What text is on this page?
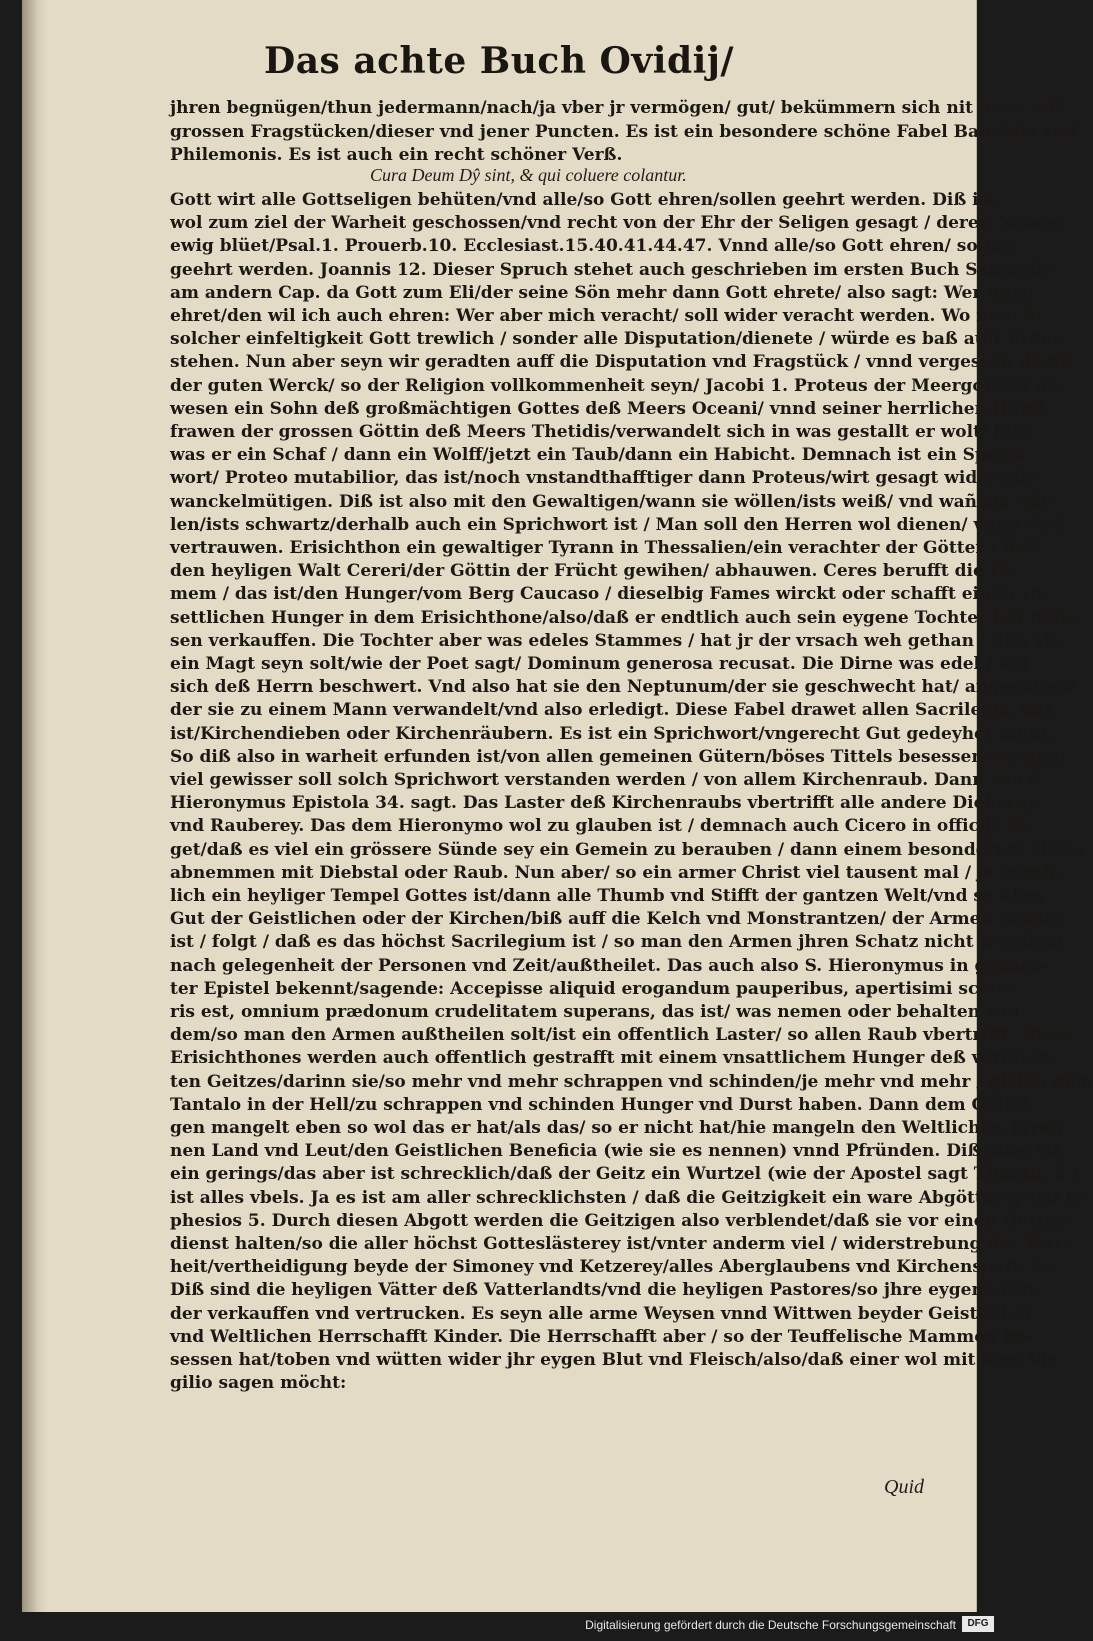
Das achte Buch Ovidij/
jhren begnügen/thun jedermann/nach/ja vber jr vermögen/ gut/ bekümmern sich nit hoch mit
grossen Fragstücken/dieser vnd jener Puncten. Es ist ein besondere schöne Fabel Baucidis vnd
Philemonis. Es ist auch ein recht schöner Verß.
Cura Deum Dŷ sint, & qui coluere colantur.
Gott wirt alle Gottseligen behüten/vnd alle/so Gott ehren/sollen geehrt werden. Diß ist
wol zum ziel der Warheit geschossen/vnd recht von der Ehr der Seligen gesagt / deren Namen
ewig blüet/Psal.1. Prouerb.10. Ecclesiast.15.40.41.44.47. Vnnd alle/so Gott ehren/ sollen
geehrt werden. Joannis 12. Dieser Spruch stehet auch geschrieben im ersten Buch Samuelis
am andern Cap. da Gott zum Eli/der seine Sön mehr dann Gott ehrete/ also sagt: Wer mich
ehret/den wil ich auch ehren: Wer aber mich veracht/ soll wider veracht werden. Wo man in
solcher einfeltigkeit Gott trewlich / sonder alle Disputation/dienete / würde es baß auff Erden
stehen. Nun aber seyn wir geradten auff die Disputation vnd Fragstück / vnnd vergessen damit
der guten Werck/ so der Religion vollkommenheit seyn/ Jacobi 1. Proteus der Meergott/ist ge-
wesen ein Sohn deß großmächtigen Gottes deß Meers Oceani/ vnnd seiner herrlichen Hauß-
frawen der grossen Göttin deß Meers Thetidis/verwandelt sich in was gestallt er wolt/ Jetz
was er ein Schaf / dann ein Wolff/jetzt ein Taub/dann ein Habicht. Demnach ist ein Sprich
wort/ Proteo mutabilior, das ist/noch vnstandthafftiger dann Proteus/wirt gesagt wider alle
wanckelmütigen. Diß ist also mit den Gewaltigen/wann sie wöllen/ists weiß/ vnd wañ sie wöl-
len/ists schwartz/derhalb auch ein Sprichwort ist / Man soll den Herren wol dienen/ vnnd vbel
vertrauwen. Erisichthon ein gewaltiger Tyrann in Thessalien/ein verachter der Götter / ließ
den heyligen Walt Cereri/der Göttin der Frücht gewihen/ abhauwen. Ceres berufft die Fa-
mem / das ist/den Hunger/vom Berg Caucaso / dieselbig Fames wirckt oder schafft einen vn-
settlichen Hunger in dem Erisichthone/also/daß er endtlich auch sein eygene Tochter hat müs-
sen verkauffen. Die Tochter aber was edeles Stammes / hat jr der vrsach weh gethan / daß sie
ein Magt seyn solt/wie der Poet sagt/ Dominum generosa recusat. Die Dirne was edel / hat
sich deß Herrn beschwert. Vnd also hat sie den Neptunum/der sie geschwecht hat/ angeruffen/
der sie zu einem Mann verwandelt/vnd also erledigt. Diese Fabel drawet allen Sacrilegis, das
ist/Kirchendieben oder Kirchenräubern. Es ist ein Sprichwort/vngerecht Gut gedeyhet nicht.
So diß also in warheit erfunden ist/von allen gemeinen Gütern/böses Tittels besessen/werden/
viel gewisser soll solch Sprichwort verstanden werden / von allem Kirchenraub. Dann wie S.
Hieronymus Epistola 34. sagt. Das Laster deß Kirchenraubs vbertrifft alle andere Dieberey
vnd Rauberey. Das dem Hieronymo wol zu glauben ist / demnach auch Cicero in officijs sa-
get/daß es viel ein grössere Sünde sey ein Gemein zu berauben / dann einem besonderem etwas
abnemmen mit Diebstal oder Raub. Nun aber/ so ein armer Christ viel tausent mal / ja vnzeh-
lich ein heyliger Tempel Gottes ist/dann alle Thumb vnd Stifft der gantzen Welt/vnd so alles
Gut der Geistlichen oder der Kirchen/biß auff die Kelch vnd Monstrantzen/ der Armen Schatz
ist / folgt / daß es das höchst Sacrilegium ist / so man den Armen jhren Schatz nicht trewlich/
nach gelegenheit der Personen vnd Zeit/außtheilet. Das auch also S. Hieronymus in gedach-
ter Epistel bekennt/sagende: Accepisse aliquid erogandum pauperibus, apertisimi scele-
ris est, omnium prædonum crudelitatem superans, das ist/ was nemen oder behalten von
dem/so man den Armen außtheilen solt/ist ein offentlich Laster/ so allen Raub vbertrifft. Diese
Erisichthones werden auch offentlich gestrafft mit einem vnsattlichem Hunger deß verfluch-
ten Geitzes/darinn sie/so mehr vnd mehr schrappen vnd schinden/je mehr vnd mehr / gleich dem
Tantalo in der Hell/zu schrappen vnd schinden Hunger vnd Durst haben. Dann dem Geitzi-
gen mangelt eben so wol das er hat/als das/ so er nicht hat/hie mangeln den Weltlichen Tyran
nen Land vnd Leut/den Geistlichen Beneficia (wie sie es nennen) vnnd Pfründen. Diß alles ist
ein gerings/das aber ist schrecklich/daß der Geitz ein Wurtzel (wie der Apostel sagt Timoth. 6.)
ist alles vbels. Ja es ist am aller schrecklichsten / daß die Geitzigkeit ein ware Abgötterey ist/ E-
phesios 5. Durch diesen Abgott werden die Geitzigen also verblendet/daß sie vor einen Gottes-
dienst halten/so die aller höchst Gotteslästerey ist/vnter anderm viel / widerstrebung der War-
heit/vertheidigung beyde der Simoney vnd Ketzerey/alles Aberglaubens vnd Kirchenspalt/ &c.
Diß sind die heyligen Vätter deß Vatterlandts/vnd die heyligen Pastores/so jhre eygene Kin-
der verkauffen vnd vertrucken. Es seyn alle arme Weysen vnnd Wittwen beyder Geistlicher
vnd Weltlichen Herrschafft Kinder. Die Herrschafft aber / so der Teuffelische Mammon be-
sessen hat/toben vnd wütten wider jhr eygen Blut vnd Fleisch/also/daß einer wol mit dem Vir-
gilio sagen möcht:
Quid
Digitalisierung gefördert durch die Deutsche Forschungsgemeinschaft	DFG
